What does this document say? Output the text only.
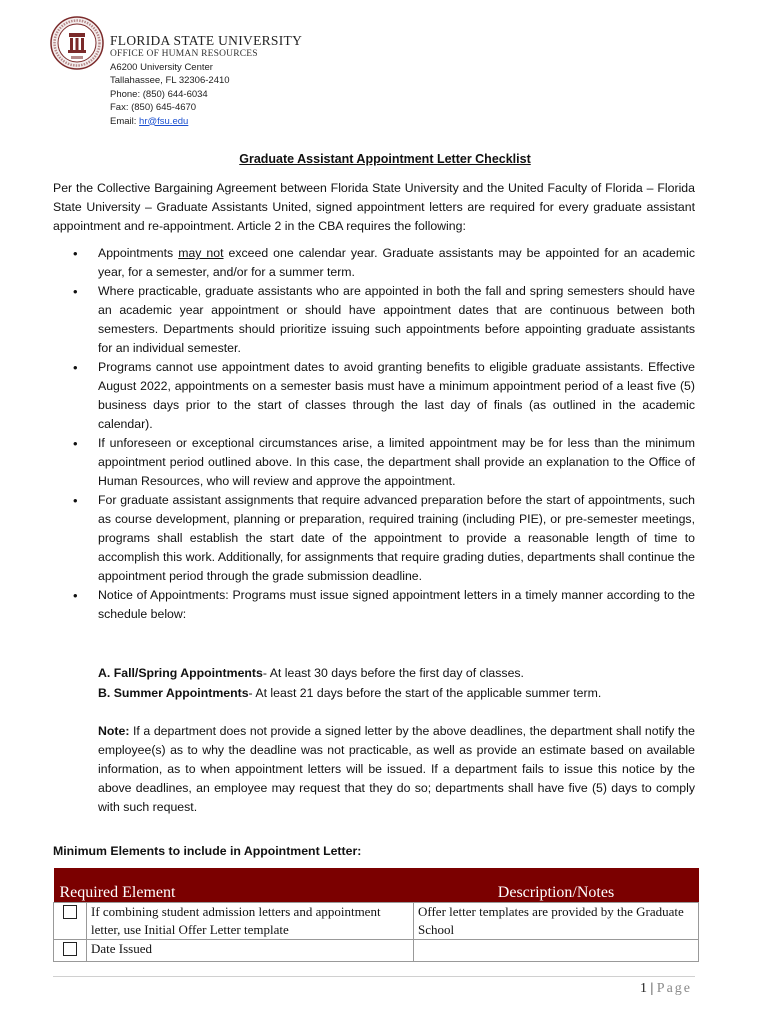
FLORIDA STATE UNIVERSITY
OFFICE OF HUMAN RESOURCES
A6200 University Center
Tallahassee, FL 32306-2410
Phone: (850) 644-6034
Fax: (850) 645-4670
Email: hr@fsu.edu
Graduate Assistant Appointment Letter Checklist
Per the Collective Bargaining Agreement between Florida State University and the United Faculty of Florida – Florida State University – Graduate Assistants United, signed appointment letters are required for every graduate assistant appointment and re-appointment. Article 2 in the CBA requires the following:
• Appointments may not exceed one calendar year. Graduate assistants may be appointed for an academic year, for a semester, and/or for a summer term.
• Where practicable, graduate assistants who are appointed in both the fall and spring semesters should have an academic year appointment or should have appointment dates that are continuous between both semesters. Departments should prioritize issuing such appointments before appointing graduate assistants for an individual semester.
• Programs cannot use appointment dates to avoid granting benefits to eligible graduate assistants. Effective August 2022, appointments on a semester basis must have a minimum appointment period of a least five (5) business days prior to the start of classes through the last day of finals (as outlined in the academic calendar).
• If unforeseen or exceptional circumstances arise, a limited appointment may be for less than the minimum appointment period outlined above. In this case, the department shall provide an explanation to the Office of Human Resources, who will review and approve the appointment.
• For graduate assistant assignments that require advanced preparation before the start of appointments, such as course development, planning or preparation, required training (including PIE), or pre-semester meetings, programs shall establish the start date of the appointment to provide a reasonable length of time to accomplish this work. Additionally, for assignments that require grading duties, departments shall continue the appointment period through the grade submission deadline.
• Notice of Appointments: Programs must issue signed appointment letters in a timely manner according to the schedule below:
A. Fall/Spring Appointments- At least 30 days before the first day of classes.
B. Summer Appointments- At least 21 days before the start of the applicable summer term.
Note: If a department does not provide a signed letter by the above deadlines, the department shall notify the employee(s) as to why the deadline was not practicable, as well as provide an estimate based on available information, as to when appointment letters will be issued. If a department fails to issue this notice by the above deadlines, an employee may request that they do so; departments shall have five (5) days to comply with such request.
Minimum Elements to include in Appointment Letter:
Required Element		Description/Notes
	If combining student admission letters and appointment letter, use Initial Offer Letter template	Offer letter templates are provided by the Graduate School
	Date Issued	
1 | Page
